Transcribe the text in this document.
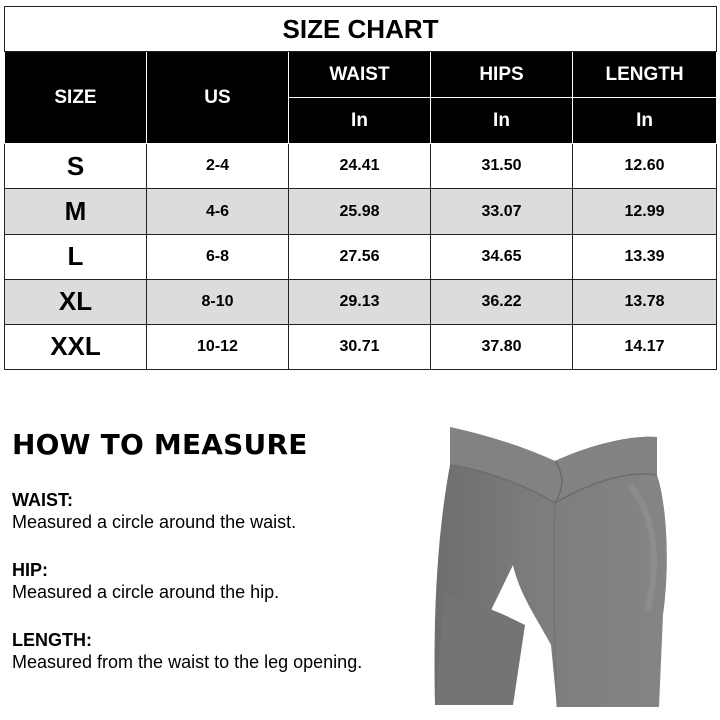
SIZE CHART				
SIZE	US	WAIST	HIPS	LENGTH
		In	In	In
S	2-4	24.41	31.50	12.60
M	4-6	25.98	33.07	12.99
L	6-8	27.56	34.65	13.39
XL	8-10	29.13	36.22	13.78
XXL	10-12	30.71	37.80	14.17
HOW TO MEASURE
WAIST:
Measured a circle around the waist.
HIP:
Measured a circle around the hip.
LENGTH:
Measured from the waist to the leg opening.
